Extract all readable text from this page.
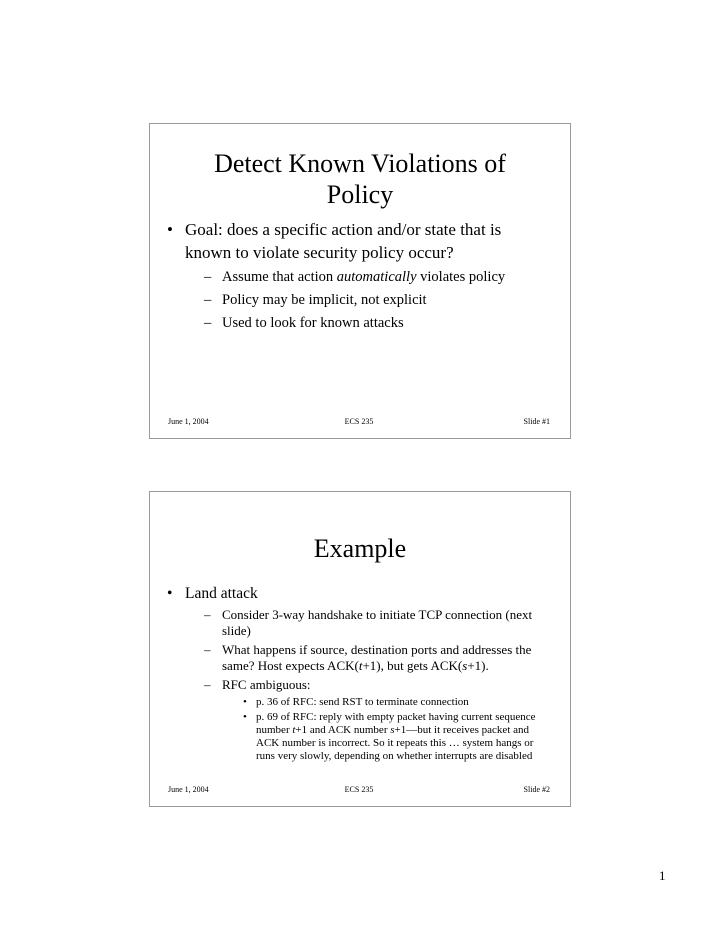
Detect Known Violations of Policy
• Goal: does a specific action and/or state that is known to violate security policy occur?
– Assume that action automatically violates policy
– Policy may be implicit, not explicit
– Used to look for known attacks
June 1, 2004	ECS 235	Slide #1
Example
• Land attack
– Consider 3-way handshake to initiate TCP connection (next slide)
– What happens if source, destination ports and addresses the same? Host expects ACK(t+1), but gets ACK(s+1).
– RFC ambiguous:
• p. 36 of RFC: send RST to terminate connection
• p. 69 of RFC: reply with empty packet having current sequence number t+1 and ACK number s+1—but it receives packet and ACK number is incorrect. So it repeats this … system hangs or runs very slowly, depending on whether interrupts are disabled
June 1, 2004	ECS 235	Slide #2
1
